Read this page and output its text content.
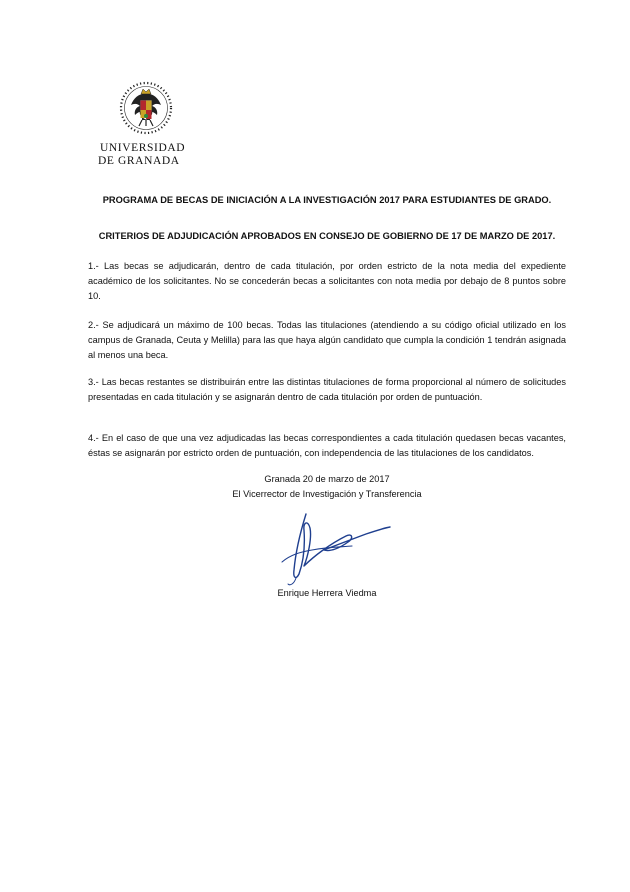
UNIVERSIDAD
DE GRANADA
PROGRAMA DE BECAS DE INICIACIÓN A LA INVESTIGACIÓN 2017 PARA ESTUDIANTES DE GRADO.
CRITERIOS DE ADJUDICACIÓN APROBADOS EN CONSEJO DE GOBIERNO DE 17 DE MARZO DE 2017.
1.- Las becas se adjudicarán, dentro de cada titulación, por orden estricto de la nota media del expediente académico de los solicitantes. No se concederán becas a solicitantes con nota media por debajo de 8 puntos sobre 10.
2.- Se adjudicará un máximo de 100 becas. Todas las titulaciones (atendiendo a su código oficial utilizado en los campus de Granada, Ceuta y Melilla) para las que haya algún candidato que cumpla la condición 1 tendrán asignada al menos una beca.
3.- Las becas restantes se distribuirán entre las distintas titulaciones de forma proporcional al número de solicitudes presentadas en cada titulación y se asignarán dentro de cada titulación por orden de puntuación.
4.- En el caso de que una vez adjudicadas las becas correspondientes a cada titulación quedasen becas vacantes, éstas se asignarán por estricto orden de puntuación, con independencia de las titulaciones de los candidatos.
Granada 20 de marzo de 2017
El Vicerrector de Investigación y Transferencia
Enrique Herrera Viedma
